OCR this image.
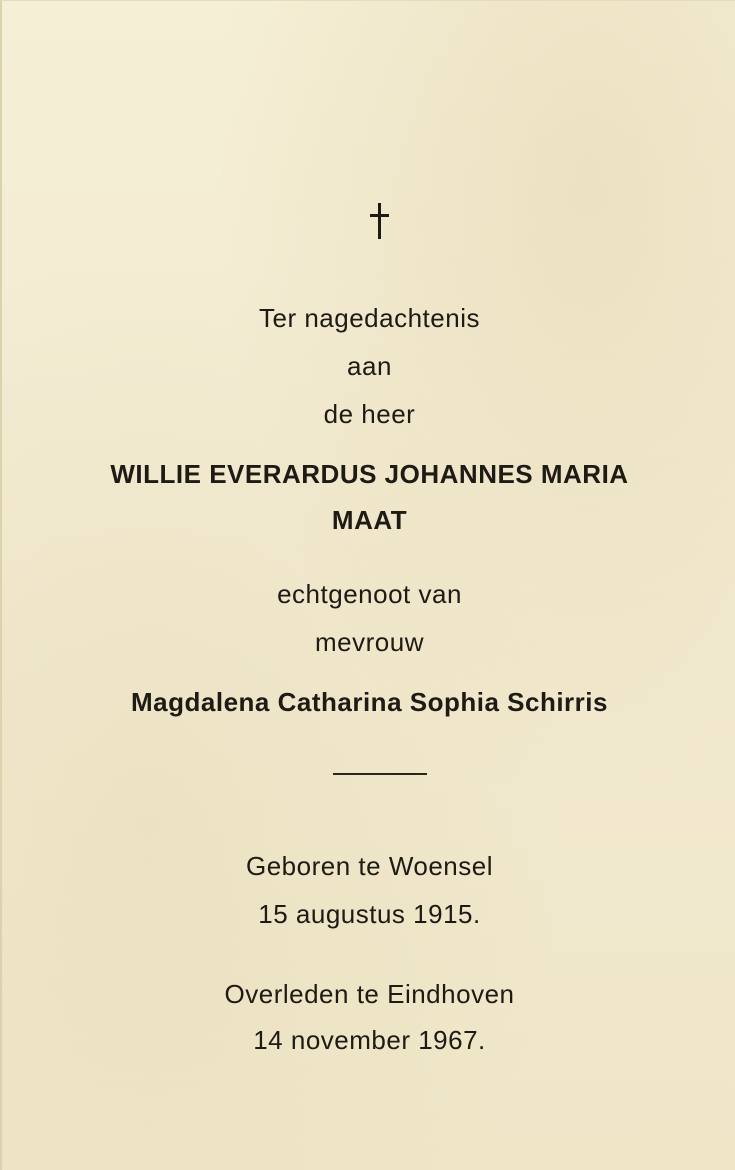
Ter nagedachtenis
aan
de heer
WILLIE EVERARDUS JOHANNES MARIA
MAAT
echtgenoot van
mevrouw
Magdalena Catharina Sophia Schirris
Geboren te Woensel
15 augustus 1915.
Overleden te Eindhoven
14 november 1967.
